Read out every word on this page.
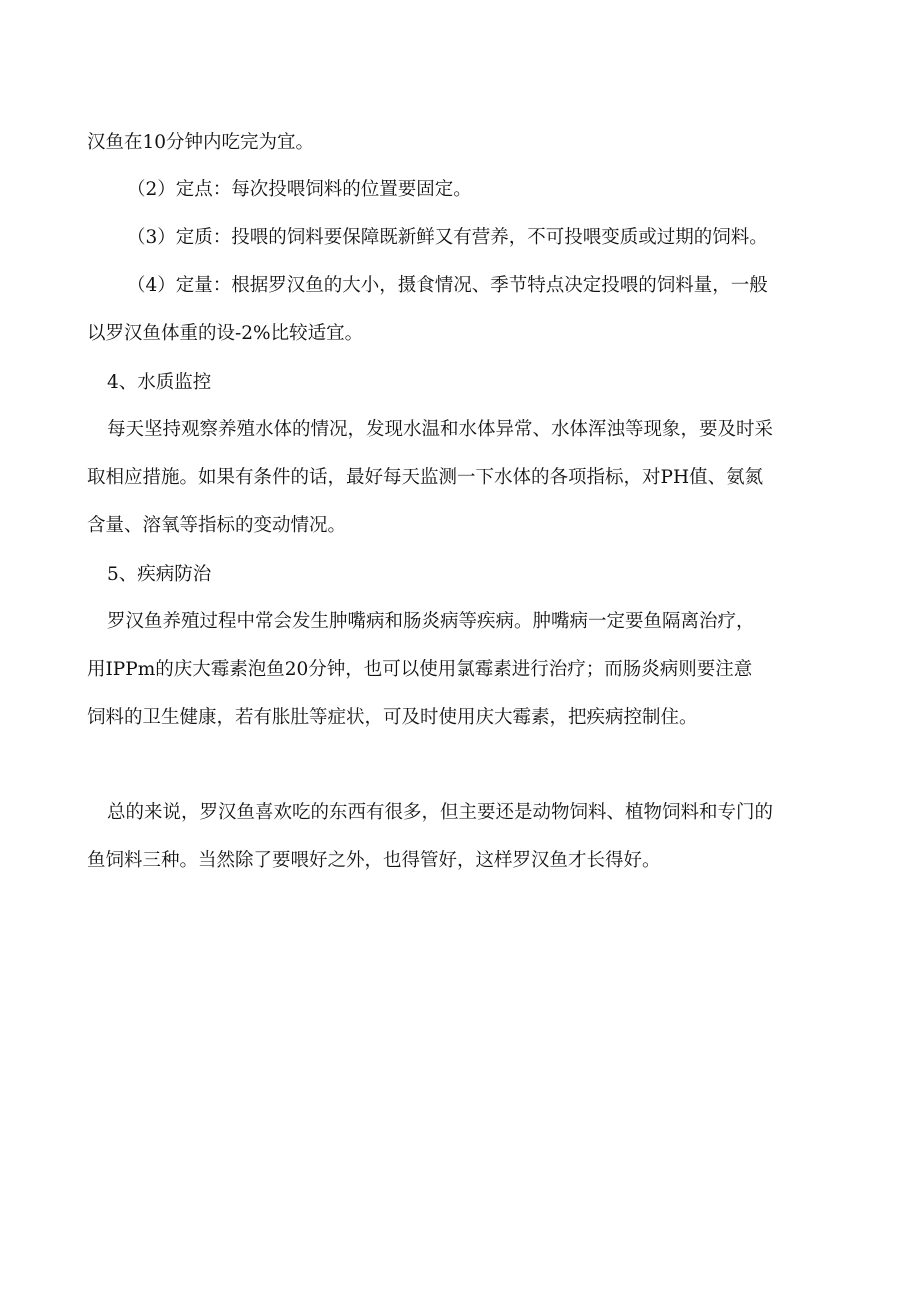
汉鱼在10分钟内吃完为宜。
（2）定点：每次投喂饲料的位置要固定。
（3）定质：投喂的饲料要保障既新鲜又有营养，不可投喂变质或过期的饲料。
（4）定量：根据罗汉鱼的大小，摄食情况、季节特点决定投喂的饲料量，一般
以罗汉鱼体重的设-2%比较适宜。
4、水质监控
每天坚持观察养殖水体的情况，发现水温和水体异常、水体浑浊等现象，要及时采
取相应措施。如果有条件的话，最好每天监测一下水体的各项指标，对PH值、氨氮
含量、溶氧等指标的变动情况。
5、疾病防治
罗汉鱼养殖过程中常会发生肿嘴病和肠炎病等疾病。肿嘴病一定要鱼隔离治疗，
用IPPm的庆大霉素泡鱼20分钟，也可以使用氯霉素进行治疗；而肠炎病则要注意
饲料的卫生健康，若有胀肚等症状，可及时使用庆大霉素，把疾病控制住。
总的来说，罗汉鱼喜欢吃的东西有很多，但主要还是动物饲料、植物饲料和专门的
鱼饲料三种。当然除了要喂好之外，也得管好，这样罗汉鱼才长得好。
